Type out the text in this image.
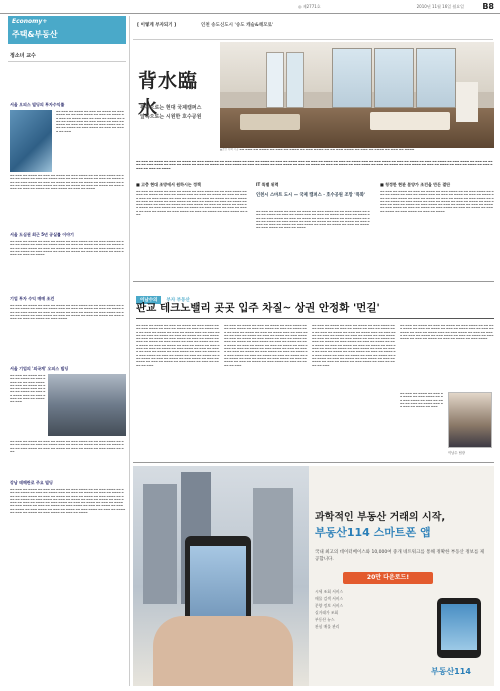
◎ 제2771호	2010년 11월 16일 월요일 B8
Economy+
주택&부동산
정소녀 교수
서울 오피스 빌딩의 투자수익률
▬▬ ▬▬▬ ▬▬ ▬▬▬▬ ▬▬ ▬▬▬ ▬▬ ▬▬▬▬ ▬▬ ▬▬▬ ▬▬▬▬ ▬▬ ▬▬ ▬▬▬ ▬▬▬▬ ▬▬ ▬▬▬ ▬▬ ▬▬▬▬ ▬▬ ▬▬▬ ▬▬ ▬▬▬▬ ▬▬▬ ▬▬ ▬▬▬ ▬▬ ▬▬▬▬ ▬▬ ▬▬▬ ▬▬ ▬▬▬▬ ▬▬▬ ▬▬ ▬▬▬ ▬▬▬▬ ▬▬ ▬▬▬ ▬▬ ▬▬▬▬ ▬▬ ▬▬▬ ▬▬ ▬▬▬▬ ▬▬ ▬▬▬ ▬▬▬▬ ▬▬ ▬▬▬ ▬▬ ▬▬▬▬ ▬▬ ▬▬▬ ▬▬▬▬ ▬▬ ▬▬▬ ▬▬ ▬▬▬▬ ▬▬ ▬▬▬
▬▬ ▬▬▬ ▬▬ ▬▬▬▬ ▬▬ ▬▬▬ ▬▬ ▬▬▬▬ ▬▬ ▬▬▬ ▬▬▬▬ ▬▬ ▬▬ ▬▬▬ ▬▬▬▬ ▬▬ ▬▬▬ ▬▬ ▬▬▬▬ ▬▬ ▬▬▬ ▬▬ ▬▬▬▬ ▬▬▬ ▬▬ ▬▬▬ ▬▬ ▬▬▬▬ ▬▬ ▬▬▬ ▬▬ ▬▬▬▬ ▬▬▬ ▬▬ ▬▬▬ ▬▬▬▬ ▬▬ ▬▬▬ ▬▬ ▬▬▬▬ ▬▬ ▬▬▬ ▬▬ ▬▬▬▬ ▬▬ ▬▬▬ ▬▬▬▬ ▬▬ ▬▬▬ ▬▬ ▬▬▬▬ ▬▬ ▬▬▬ ▬▬▬▬ ▬▬ ▬▬▬ ▬▬ ▬▬▬▬ ▬▬ ▬▬▬ ▬▬ ▬▬▬▬ ▬▬ ▬▬▬ ▬▬▬▬ ▬▬ ▬▬▬ ▬▬ ▬▬▬▬ ▬▬ ▬▬▬ ▬▬▬▬ ▬▬ ▬▬▬ ▬▬ ▬▬▬▬
서울 도심권 최근 5년 공실률 이야기
▬▬ ▬▬▬ ▬▬ ▬▬▬▬ ▬▬ ▬▬▬ ▬▬ ▬▬▬▬ ▬▬ ▬▬▬ ▬▬▬▬ ▬▬ ▬▬ ▬▬▬ ▬▬▬▬ ▬▬ ▬▬▬ ▬▬ ▬▬▬▬ ▬▬ ▬▬▬ ▬▬ ▬▬▬▬ ▬▬▬ ▬▬ ▬▬▬ ▬▬ ▬▬▬▬ ▬▬ ▬▬▬ ▬▬ ▬▬▬▬ ▬▬▬ ▬▬ ▬▬▬ ▬▬▬▬ ▬▬ ▬▬▬ ▬▬ ▬▬▬▬ ▬▬ ▬▬▬ ▬▬ ▬▬▬▬ ▬▬ ▬▬▬ ▬▬▬▬ ▬▬ ▬▬▬ ▬▬ ▬▬▬▬ ▬▬ ▬▬▬ ▬▬▬▬ ▬▬ ▬▬▬ ▬▬ ▬▬▬▬ ▬▬ ▬▬▬ ▬▬ ▬▬▬▬ ▬▬ ▬▬▬ ▬▬▬▬ ▬▬ ▬▬▬ ▬▬ ▬▬▬▬
기업 투자 수익 매매 조건
▬▬ ▬▬▬ ▬▬ ▬▬▬▬ ▬▬ ▬▬▬ ▬▬ ▬▬▬▬ ▬▬ ▬▬▬ ▬▬▬▬ ▬▬ ▬▬ ▬▬▬ ▬▬▬▬ ▬▬ ▬▬▬ ▬▬ ▬▬▬▬ ▬▬ ▬▬▬ ▬▬ ▬▬▬▬ ▬▬▬ ▬▬ ▬▬▬ ▬▬ ▬▬▬▬ ▬▬ ▬▬▬ ▬▬ ▬▬▬▬ ▬▬▬ ▬▬ ▬▬▬ ▬▬▬▬ ▬▬ ▬▬▬ ▬▬ ▬▬▬▬ ▬▬ ▬▬▬ ▬▬ ▬▬▬▬ ▬▬ ▬▬▬ ▬▬▬▬ ▬▬ ▬▬▬ ▬▬ ▬▬▬▬ ▬▬ ▬▬▬ ▬▬▬▬ ▬▬ ▬▬▬ ▬▬ ▬▬▬▬ ▬▬ ▬▬▬ ▬▬ ▬▬▬▬ ▬▬ ▬▬▬ ▬▬▬▬ ▬▬ ▬▬▬ ▬▬ ▬▬▬▬ ▬▬ ▬▬▬ ▬▬▬▬
서울 기업의 '외국계' 오피스 빌딩
▬▬ ▬▬▬ ▬▬ ▬▬▬▬ ▬▬ ▬▬▬ ▬▬ ▬▬▬▬ ▬▬ ▬▬▬ ▬▬▬▬ ▬▬ ▬▬ ▬▬▬ ▬▬▬▬ ▬▬ ▬▬▬ ▬▬ ▬▬▬▬ ▬▬ ▬▬▬ ▬▬ ▬▬▬▬ ▬▬▬ ▬▬ ▬▬▬ ▬▬ ▬▬▬▬ ▬▬ ▬▬▬ ▬▬ ▬▬▬▬ ▬▬▬ ▬▬ ▬▬▬ ▬▬▬▬ ▬▬ ▬▬▬ ▬▬ ▬▬▬▬ ▬▬ ▬▬▬
▬▬ ▬▬▬ ▬▬ ▬▬▬▬ ▬▬ ▬▬▬ ▬▬ ▬▬▬▬ ▬▬ ▬▬▬ ▬▬▬▬ ▬▬ ▬▬ ▬▬▬ ▬▬▬▬ ▬▬ ▬▬▬ ▬▬ ▬▬▬▬ ▬▬ ▬▬▬ ▬▬ ▬▬▬▬ ▬▬▬ ▬▬ ▬▬▬ ▬▬ ▬▬▬▬ ▬▬ ▬▬▬ ▬▬ ▬▬▬▬ ▬▬▬ ▬▬ ▬▬▬ ▬▬▬▬ ▬▬ ▬▬▬ ▬▬ ▬▬▬▬ ▬▬ ▬▬▬ ▬▬ ▬▬▬▬ ▬▬ ▬▬▬ ▬▬▬▬ ▬▬ ▬▬▬
강남 테헤란로 주요 빌딩
▬▬ ▬▬▬ ▬▬ ▬▬▬▬ ▬▬ ▬▬▬ ▬▬ ▬▬▬▬ ▬▬ ▬▬▬ ▬▬▬▬ ▬▬ ▬▬ ▬▬▬ ▬▬▬▬ ▬▬ ▬▬▬ ▬▬ ▬▬▬▬ ▬▬ ▬▬▬ ▬▬ ▬▬▬▬ ▬▬▬ ▬▬ ▬▬▬ ▬▬ ▬▬▬▬ ▬▬ ▬▬▬ ▬▬ ▬▬▬▬ ▬▬▬ ▬▬ ▬▬▬ ▬▬▬▬ ▬▬ ▬▬▬ ▬▬ ▬▬▬▬ ▬▬ ▬▬▬ ▬▬ ▬▬▬▬ ▬▬ ▬▬▬ ▬▬▬▬ ▬▬ ▬▬▬ ▬▬ ▬▬▬▬ ▬▬ ▬▬▬ ▬▬▬▬ ▬▬ ▬▬▬ ▬▬ ▬▬▬▬ ▬▬ ▬▬▬ ▬▬ ▬▬▬▬ ▬▬ ▬▬▬ ▬▬▬▬ ▬▬ ▬▬▬ ▬▬ ▬▬▬▬ ▬▬ ▬▬▬ ▬▬▬▬ ▬▬ ▬▬▬ ▬▬ ▬▬▬▬ ▬▬ ▬▬▬ ▬▬ ▬▬▬▬ ▬▬ ▬▬▬ ▬▬▬▬ ▬▬ ▬▬▬ ▬▬ ▬▬▬▬ ▬▬ ▬▬▬ ▬▬▬▬ ▬▬ ▬▬▬ ▬▬ ▬▬▬▬ ▬▬ ▬▬▬ ▬▬ ▬▬▬▬ ▬▬ ▬▬▬ ▬▬▬▬ ▬▬ ▬▬▬ ▬▬ ▬▬▬▬ ▬▬ ▬▬▬ ▬▬▬▬ ▬▬ ▬▬▬ ▬▬ ▬▬▬▬ ▬▬ ▬▬▬ ▬▬ ▬▬▬▬ ▬▬ ▬▬▬ ▬▬▬▬ ▬▬ ▬▬▬ ▬▬ ▬▬▬▬
[ 이렇게 부자되기 ]	인천 송도신도시 '송도 캐슬&해모로'
背水臨水
위쪽으로는 현대 국제캠퍼스
앞쪽으로는 시원한 호수공원
▲조망 특화 시공 ▬▬ ▬▬▬ ▬▬ ▬▬▬▬ ▬▬ ▬▬▬ ▬▬ ▬▬▬▬ ▬▬ ▬▬▬ ▬▬▬▬ ▬▬ ▬▬ ▬▬▬ ▬▬▬▬ ▬▬ ▬▬▬ ▬▬ ▬▬▬▬ ▬▬ ▬▬▬ ▬▬ ▬▬▬▬
▬▬ ▬▬▬ ▬▬ ▬▬▬▬ ▬▬ ▬▬▬ ▬▬ ▬▬▬▬ ▬▬ ▬▬▬ ▬▬▬▬ ▬▬ ▬▬ ▬▬▬ ▬▬▬▬ ▬▬ ▬▬▬ ▬▬ ▬▬▬▬ ▬▬ ▬▬▬ ▬▬ ▬▬▬▬ ▬▬▬ ▬▬ ▬▬▬ ▬▬ ▬▬▬▬ ▬▬ ▬▬▬ ▬▬ ▬▬▬▬ ▬▬▬ ▬▬ ▬▬▬ ▬▬▬▬ ▬▬ ▬▬▬ ▬▬ ▬▬▬▬ ▬▬ ▬▬▬ ▬▬ ▬▬▬▬ ▬▬ ▬▬▬ ▬▬▬▬ ▬▬ ▬▬▬ ▬▬ ▬▬▬▬ ▬▬ ▬▬▬ ▬▬▬▬ ▬▬ ▬▬▬ ▬▬ ▬▬▬▬ ▬▬ ▬▬▬ ▬▬ ▬▬▬▬ ▬▬ ▬▬▬ ▬▬▬▬ ▬▬ ▬▬▬ ▬▬ ▬▬▬▬ ▬▬ ▬▬▬ ▬▬▬▬ ▬▬ ▬▬▬ ▬▬ ▬▬▬▬ ▬▬ ▬▬▬ ▬▬ ▬▬▬▬ ▬▬ ▬▬▬ ▬▬▬▬ ▬▬ ▬▬▬ ▬▬ ▬▬▬▬ ▬▬ ▬▬▬ ▬▬▬▬ ▬▬ ▬▬▬ ▬▬ ▬▬▬▬ ▬▬ ▬▬▬ ▬▬ ▬▬▬▬ ▬▬ ▬▬▬ ▬▬▬▬ ▬▬ ▬▬▬ ▬▬ ▬▬▬▬
■ 고층 현대 조망에서 원하시는 정책
▬▬ ▬▬▬ ▬▬ ▬▬▬▬ ▬▬ ▬▬▬ ▬▬ ▬▬▬▬ ▬▬ ▬▬▬ ▬▬▬▬ ▬▬ ▬▬ ▬▬▬ ▬▬▬▬ ▬▬ ▬▬▬ ▬▬ ▬▬▬▬ ▬▬ ▬▬▬ ▬▬ ▬▬▬▬ ▬▬▬ ▬▬ ▬▬▬ ▬▬ ▬▬▬▬ ▬▬ ▬▬▬ ▬▬ ▬▬▬▬ ▬▬▬ ▬▬ ▬▬▬ ▬▬▬▬ ▬▬ ▬▬▬ ▬▬ ▬▬▬▬ ▬▬ ▬▬▬ ▬▬ ▬▬▬▬ ▬▬ ▬▬▬ ▬▬▬▬ ▬▬ ▬▬▬ ▬▬ ▬▬▬▬ ▬▬ ▬▬▬ ▬▬▬▬ ▬▬ ▬▬▬ ▬▬ ▬▬▬▬ ▬▬ ▬▬▬ ▬▬ ▬▬▬▬ ▬▬ ▬▬▬ ▬▬▬▬ ▬▬ ▬▬▬ ▬▬ ▬▬▬▬ ▬▬ ▬▬▬ ▬▬▬▬ ▬▬ ▬▬▬ ▬▬ ▬▬▬▬ ▬▬ ▬▬▬ ▬▬ ▬▬▬▬ ▬▬ ▬▬▬ ▬▬▬▬ ▬▬ ▬▬▬ ▬▬ ▬▬▬▬ ▬▬ ▬▬▬ ▬▬▬▬ ▬▬ ▬▬▬ ▬▬ ▬▬▬▬ ▬▬ ▬▬▬ ▬▬ ▬▬▬▬ ▬▬ ▬▬▬ ▬▬▬▬ ▬▬ ▬▬▬ ▬▬ ▬▬▬▬ ▬▬ ▬▬▬ ▬▬▬▬ ▬▬ ▬▬▬
IT 특별 위력
인천시 스마트 도시 — 국제 캠퍼스 · 호수공원 조망 '특화'
▬▬ ▬▬▬ ▬▬ ▬▬▬▬ ▬▬ ▬▬▬ ▬▬ ▬▬▬▬ ▬▬ ▬▬▬ ▬▬▬▬ ▬▬ ▬▬ ▬▬▬ ▬▬▬▬ ▬▬ ▬▬▬ ▬▬ ▬▬▬▬ ▬▬ ▬▬▬ ▬▬ ▬▬▬▬ ▬▬▬ ▬▬ ▬▬▬ ▬▬ ▬▬▬▬ ▬▬ ▬▬▬ ▬▬ ▬▬▬▬ ▬▬▬ ▬▬ ▬▬▬ ▬▬▬▬ ▬▬ ▬▬▬ ▬▬ ▬▬▬▬ ▬▬ ▬▬▬ ▬▬ ▬▬▬▬ ▬▬ ▬▬▬ ▬▬▬▬ ▬▬ ▬▬▬ ▬▬ ▬▬▬▬ ▬▬ ▬▬▬ ▬▬▬▬ ▬▬ ▬▬▬ ▬▬ ▬▬▬▬ ▬▬ ▬▬▬ ▬▬ ▬▬▬▬ ▬▬ ▬▬▬ ▬▬▬▬ ▬▬ ▬▬▬ ▬▬ ▬▬▬▬ ▬▬ ▬▬▬ ▬▬▬▬ ▬▬ ▬▬▬ ▬▬ ▬▬▬▬ ▬▬ ▬▬▬ ▬▬ ▬▬▬▬ ▬▬ ▬▬▬ ▬▬▬▬ ▬▬ ▬▬▬ ▬▬ ▬▬▬▬
■ 청정한 현관 분양가 조건을 만든 결단
▬▬ ▬▬▬ ▬▬ ▬▬▬▬ ▬▬ ▬▬▬ ▬▬ ▬▬▬▬ ▬▬ ▬▬▬ ▬▬▬▬ ▬▬ ▬▬ ▬▬▬ ▬▬▬▬ ▬▬ ▬▬▬ ▬▬ ▬▬▬▬ ▬▬ ▬▬▬ ▬▬ ▬▬▬▬ ▬▬▬ ▬▬ ▬▬▬ ▬▬ ▬▬▬▬ ▬▬ ▬▬▬ ▬▬ ▬▬▬▬ ▬▬▬ ▬▬ ▬▬▬ ▬▬▬▬ ▬▬ ▬▬▬ ▬▬ ▬▬▬▬ ▬▬ ▬▬▬ ▬▬ ▬▬▬▬ ▬▬ ▬▬▬ ▬▬▬▬ ▬▬ ▬▬▬ ▬▬ ▬▬▬▬ ▬▬ ▬▬▬ ▬▬▬▬ ▬▬ ▬▬▬ ▬▬ ▬▬▬▬ ▬▬ ▬▬▬ ▬▬ ▬▬▬▬ ▬▬ ▬▬▬ ▬▬▬▬ ▬▬ ▬▬▬ ▬▬ ▬▬▬▬ ▬▬ ▬▬▬ ▬▬▬▬ ▬▬ ▬▬▬ ▬▬ ▬▬▬▬ ▬▬ ▬▬▬ ▬▬ ▬▬▬▬ ▬▬ ▬▬▬ ▬▬▬▬ ▬▬ ▬▬▬ ▬▬ ▬▬▬▬ ▬▬ ▬▬▬ ▬▬▬▬ ▬▬ ▬▬▬ ▬▬ ▬▬▬▬ ▬▬ ▬▬▬ ▬▬ ▬▬▬▬ ▬▬ ▬▬▬ ▬▬▬▬ ▬▬ ▬▬▬ ▬▬ ▬▬▬▬
이남수의 부자 부동산
판교 테크노밸리 곳곳 입주 차질~ 상권 안정화 '먼길'
▬▬ ▬▬▬ ▬▬ ▬▬▬▬ ▬▬ ▬▬▬ ▬▬ ▬▬▬▬ ▬▬ ▬▬▬ ▬▬▬▬ ▬▬ ▬▬ ▬▬▬ ▬▬▬▬ ▬▬ ▬▬▬ ▬▬ ▬▬▬▬ ▬▬ ▬▬▬ ▬▬ ▬▬▬▬ ▬▬▬ ▬▬ ▬▬▬ ▬▬ ▬▬▬▬ ▬▬ ▬▬▬ ▬▬ ▬▬▬▬ ▬▬▬ ▬▬ ▬▬▬ ▬▬▬▬ ▬▬ ▬▬▬ ▬▬ ▬▬▬▬ ▬▬ ▬▬▬ ▬▬ ▬▬▬▬ ▬▬ ▬▬▬ ▬▬▬▬ ▬▬ ▬▬▬ ▬▬ ▬▬▬▬ ▬▬ ▬▬▬ ▬▬▬▬ ▬▬ ▬▬▬ ▬▬ ▬▬▬▬ ▬▬ ▬▬▬ ▬▬ ▬▬▬▬ ▬▬ ▬▬▬ ▬▬▬▬ ▬▬ ▬▬▬ ▬▬ ▬▬▬▬ ▬▬ ▬▬▬ ▬▬▬▬ ▬▬ ▬▬▬ ▬▬ ▬▬▬▬ ▬▬ ▬▬▬ ▬▬ ▬▬▬▬ ▬▬ ▬▬▬ ▬▬▬▬ ▬▬ ▬▬▬ ▬▬ ▬▬▬▬ ▬▬ ▬▬▬ ▬▬▬▬ ▬▬ ▬▬▬ ▬▬ ▬▬▬▬ ▬▬ ▬▬▬ ▬▬ ▬▬▬▬ ▬▬ ▬▬▬ ▬▬▬▬ ▬▬ ▬▬▬ ▬▬ ▬▬▬▬ ▬▬ ▬▬▬ ▬▬▬▬ ▬▬ ▬▬▬ ▬▬ ▬▬▬▬ ▬▬ ▬▬▬ ▬▬ ▬▬▬▬ ▬▬ ▬▬▬ ▬▬▬▬ ▬▬ ▬▬▬ ▬▬ ▬▬▬▬ ▬▬ ▬▬▬ ▬▬▬▬ ▬▬ ▬▬▬ ▬▬ ▬▬▬▬ ▬▬ ▬▬▬ ▬▬ ▬▬▬▬ ▬▬ ▬▬▬ ▬▬▬▬ ▬▬ ▬▬▬ ▬▬ ▬▬▬▬ ▬▬ ▬▬▬
▬▬ ▬▬▬ ▬▬ ▬▬▬▬ ▬▬ ▬▬▬ ▬▬ ▬▬▬▬ ▬▬ ▬▬▬ ▬▬▬▬ ▬▬ ▬▬ ▬▬▬ ▬▬▬▬ ▬▬ ▬▬▬ ▬▬ ▬▬▬▬ ▬▬ ▬▬▬ ▬▬ ▬▬▬▬ ▬▬▬ ▬▬ ▬▬▬ ▬▬ ▬▬▬▬ ▬▬ ▬▬▬ ▬▬ ▬▬▬▬ ▬▬▬ ▬▬ ▬▬▬ ▬▬▬▬ ▬▬ ▬▬▬ ▬▬ ▬▬▬▬ ▬▬ ▬▬▬ ▬▬ ▬▬▬▬ ▬▬ ▬▬▬ ▬▬▬▬ ▬▬ ▬▬▬ ▬▬ ▬▬▬▬ ▬▬ ▬▬▬ ▬▬▬▬ ▬▬ ▬▬▬ ▬▬ ▬▬▬▬ ▬▬ ▬▬▬ ▬▬ ▬▬▬▬ ▬▬ ▬▬▬ ▬▬▬▬ ▬▬ ▬▬▬ ▬▬ ▬▬▬▬ ▬▬ ▬▬▬ ▬▬▬▬ ▬▬ ▬▬▬ ▬▬ ▬▬▬▬ ▬▬ ▬▬▬ ▬▬ ▬▬▬▬ ▬▬ ▬▬▬ ▬▬▬▬ ▬▬ ▬▬▬ ▬▬ ▬▬▬▬ ▬▬ ▬▬▬ ▬▬▬▬ ▬▬ ▬▬▬ ▬▬ ▬▬▬▬ ▬▬ ▬▬▬ ▬▬ ▬▬▬▬ ▬▬ ▬▬▬ ▬▬▬▬ ▬▬ ▬▬▬ ▬▬ ▬▬▬▬ ▬▬ ▬▬▬ ▬▬▬▬ ▬▬ ▬▬▬ ▬▬ ▬▬▬▬ ▬▬ ▬▬▬ ▬▬ ▬▬▬▬ ▬▬ ▬▬▬ ▬▬▬▬ ▬▬ ▬▬▬ ▬▬ ▬▬▬▬ ▬▬ ▬▬▬ ▬▬▬▬ ▬▬ ▬▬▬ ▬▬ ▬▬▬▬ ▬▬ ▬▬▬ ▬▬ ▬▬▬▬ ▬▬ ▬▬▬ ▬▬▬▬ ▬▬ ▬▬▬ ▬▬ ▬▬▬▬ ▬▬ ▬▬▬
▬▬ ▬▬▬ ▬▬ ▬▬▬▬ ▬▬ ▬▬▬ ▬▬ ▬▬▬▬ ▬▬ ▬▬▬ ▬▬▬▬ ▬▬ ▬▬ ▬▬▬ ▬▬▬▬ ▬▬ ▬▬▬ ▬▬ ▬▬▬▬ ▬▬ ▬▬▬ ▬▬ ▬▬▬▬ ▬▬▬ ▬▬ ▬▬▬ ▬▬ ▬▬▬▬ ▬▬ ▬▬▬ ▬▬ ▬▬▬▬ ▬▬▬ ▬▬ ▬▬▬ ▬▬▬▬ ▬▬ ▬▬▬ ▬▬ ▬▬▬▬ ▬▬ ▬▬▬ ▬▬ ▬▬▬▬ ▬▬ ▬▬▬ ▬▬▬▬ ▬▬ ▬▬▬ ▬▬ ▬▬▬▬ ▬▬ ▬▬▬ ▬▬▬▬ ▬▬ ▬▬▬ ▬▬ ▬▬▬▬ ▬▬ ▬▬▬ ▬▬ ▬▬▬▬ ▬▬ ▬▬▬ ▬▬▬▬ ▬▬ ▬▬▬ ▬▬ ▬▬▬▬ ▬▬ ▬▬▬ ▬▬▬▬ ▬▬ ▬▬▬ ▬▬ ▬▬▬▬ ▬▬ ▬▬▬ ▬▬ ▬▬▬▬ ▬▬ ▬▬▬ ▬▬▬▬ ▬▬ ▬▬▬ ▬▬ ▬▬▬▬ ▬▬ ▬▬▬ ▬▬▬▬ ▬▬ ▬▬▬ ▬▬ ▬▬▬▬ ▬▬ ▬▬▬ ▬▬ ▬▬▬▬ ▬▬ ▬▬▬ ▬▬▬▬ ▬▬ ▬▬▬ ▬▬ ▬▬▬▬ ▬▬ ▬▬▬ ▬▬▬▬ ▬▬ ▬▬▬ ▬▬ ▬▬▬▬ ▬▬ ▬▬▬ ▬▬ ▬▬▬▬ ▬▬ ▬▬▬ ▬▬▬▬ ▬▬ ▬▬▬ ▬▬ ▬▬▬▬ ▬▬ ▬▬▬ ▬▬▬▬ ▬▬ ▬▬▬ ▬▬ ▬▬▬▬ ▬▬ ▬▬▬ ▬▬ ▬▬▬▬ ▬▬ ▬▬▬ ▬▬▬▬ ▬▬ ▬▬▬ ▬▬ ▬▬▬▬ ▬▬ ▬▬▬
▬▬ ▬▬▬ ▬▬ ▬▬▬▬ ▬▬ ▬▬▬ ▬▬ ▬▬▬▬ ▬▬ ▬▬▬ ▬▬▬▬ ▬▬ ▬▬ ▬▬▬ ▬▬▬▬ ▬▬ ▬▬▬ ▬▬ ▬▬▬▬ ▬▬ ▬▬▬ ▬▬ ▬▬▬▬ ▬▬▬ ▬▬ ▬▬▬ ▬▬ ▬▬▬▬ ▬▬ ▬▬▬ ▬▬ ▬▬▬▬ ▬▬▬ ▬▬ ▬▬▬ ▬▬▬▬ ▬▬ ▬▬▬ ▬▬ ▬▬▬▬ ▬▬ ▬▬▬ ▬▬ ▬▬▬▬ ▬▬ ▬▬▬ ▬▬▬▬ ▬▬ ▬▬▬ ▬▬ ▬▬▬▬ ▬▬ ▬▬▬ ▬▬▬▬ ▬▬ ▬▬▬ ▬▬ ▬▬▬▬ ▬▬ ▬▬▬ ▬▬ ▬▬▬▬ ▬▬ ▬▬▬ ▬▬▬▬
▬▬ ▬▬▬ ▬▬ ▬▬▬▬ ▬▬ ▬▬▬ ▬▬ ▬▬▬▬ ▬▬ ▬▬▬ ▬▬▬▬ ▬▬ ▬▬ ▬▬▬ ▬▬▬▬ ▬▬ ▬▬▬ ▬▬ ▬▬▬▬ ▬▬ ▬▬▬ ▬▬ ▬▬▬▬ ▬▬▬ ▬▬ ▬▬▬ ▬▬ ▬▬▬▬ ▬▬ ▬▬▬
이남수 팀장
과학적인 부동산 거래의 시작,
부동산114 스마트폰 앱
국내 최고의 데이터베이스와 10,000여 중개 네트워크를 통해 정확한 부동산 정보를 제공합니다.
20만 다운로드!
시세 조회 서비스
매물 검색 서비스
분양 정보 서비스
실거래가 조회
부동산 뉴스
관심 매물 관리
부동산114
